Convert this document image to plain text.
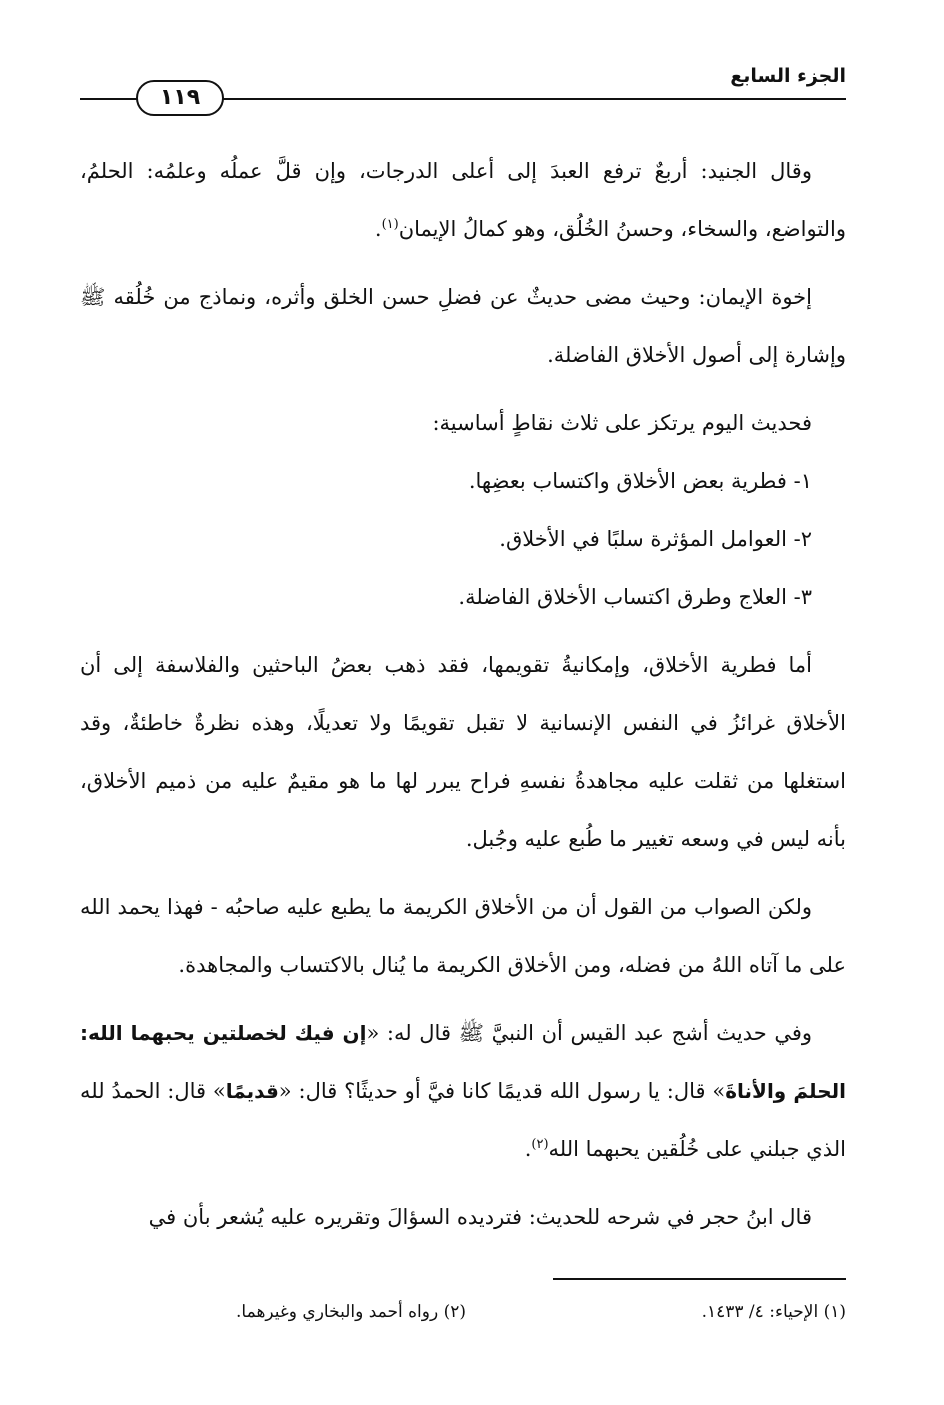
الجزء السابع
١١٩

وقال الجنيد: أربعٌ ترفع العبدَ إلى أعلى الدرجات، وإن قلَّ عملُه وعلمُه: الحلمُ، والتواضع، والسخاء، وحسنُ الخُلُق، وهو كمالُ الإيمان$^{(١)}$.

إخوة الإيمان: وحيث مضى حديثٌ عن فضلِ حسن الخلق وأثره، ونماذج من خُلُقه ﷺ وإشارة إلى أصول الأخلاق الفاضلة.

فحديث اليوم يرتكز على ثلاث نقاطٍ أساسية:

١- فطرية بعض الأخلاق واكتساب بعضِها.

٢- العوامل المؤثرة سلبًا في الأخلاق.

٣- العلاج وطرق اكتساب الأخلاق الفاضلة.

أما فطرية الأخلاق، وإمكانيةُ تقويمها، فقد ذهب بعضُ الباحثين والفلاسفة إلى أن الأخلاق غرائزُ في النفس الإنسانية لا تقبل تقويمًا ولا تعديلًا، وهذه نظرةٌ خاطئةٌ، وقد استغلها من ثقلت عليه مجاهدةُ نفسهِ فراح يبرر لها ما هو مقيمٌ عليه من ذميم الأخلاق، بأنه ليس في وسعه تغيير ما طُبع عليه وجُبل.

ولكن الصواب من القول أن من الأخلاق الكريمة ما يطبع عليه صاحبُه - فهذا يحمد الله على ما آتاه اللهُ من فضله، ومن الأخلاق الكريمة ما يُنال بالاكتساب والمجاهدة.

وفي حديث أشج عبد القيس أن النبيَّ ﷺ قال له: «إن فيك لخصلتين يحبهما الله: الحلمَ والأناةَ» قال: يا رسول الله قديمًا كانا فيَّ أو حديثًا؟ قال: «قديمًا» قال: الحمدُ لله الذي جبلني على خُلُقين يحبهما الله$^{(٢)}$.

قال ابنُ حجر في شرحه للحديث: فترديده السؤالَ وتقريره عليه يُشعر بأن في

(١) الإحياء: ٤/ ١٤٣٣.
(٢) رواه أحمد والبخاري وغيرهما.
